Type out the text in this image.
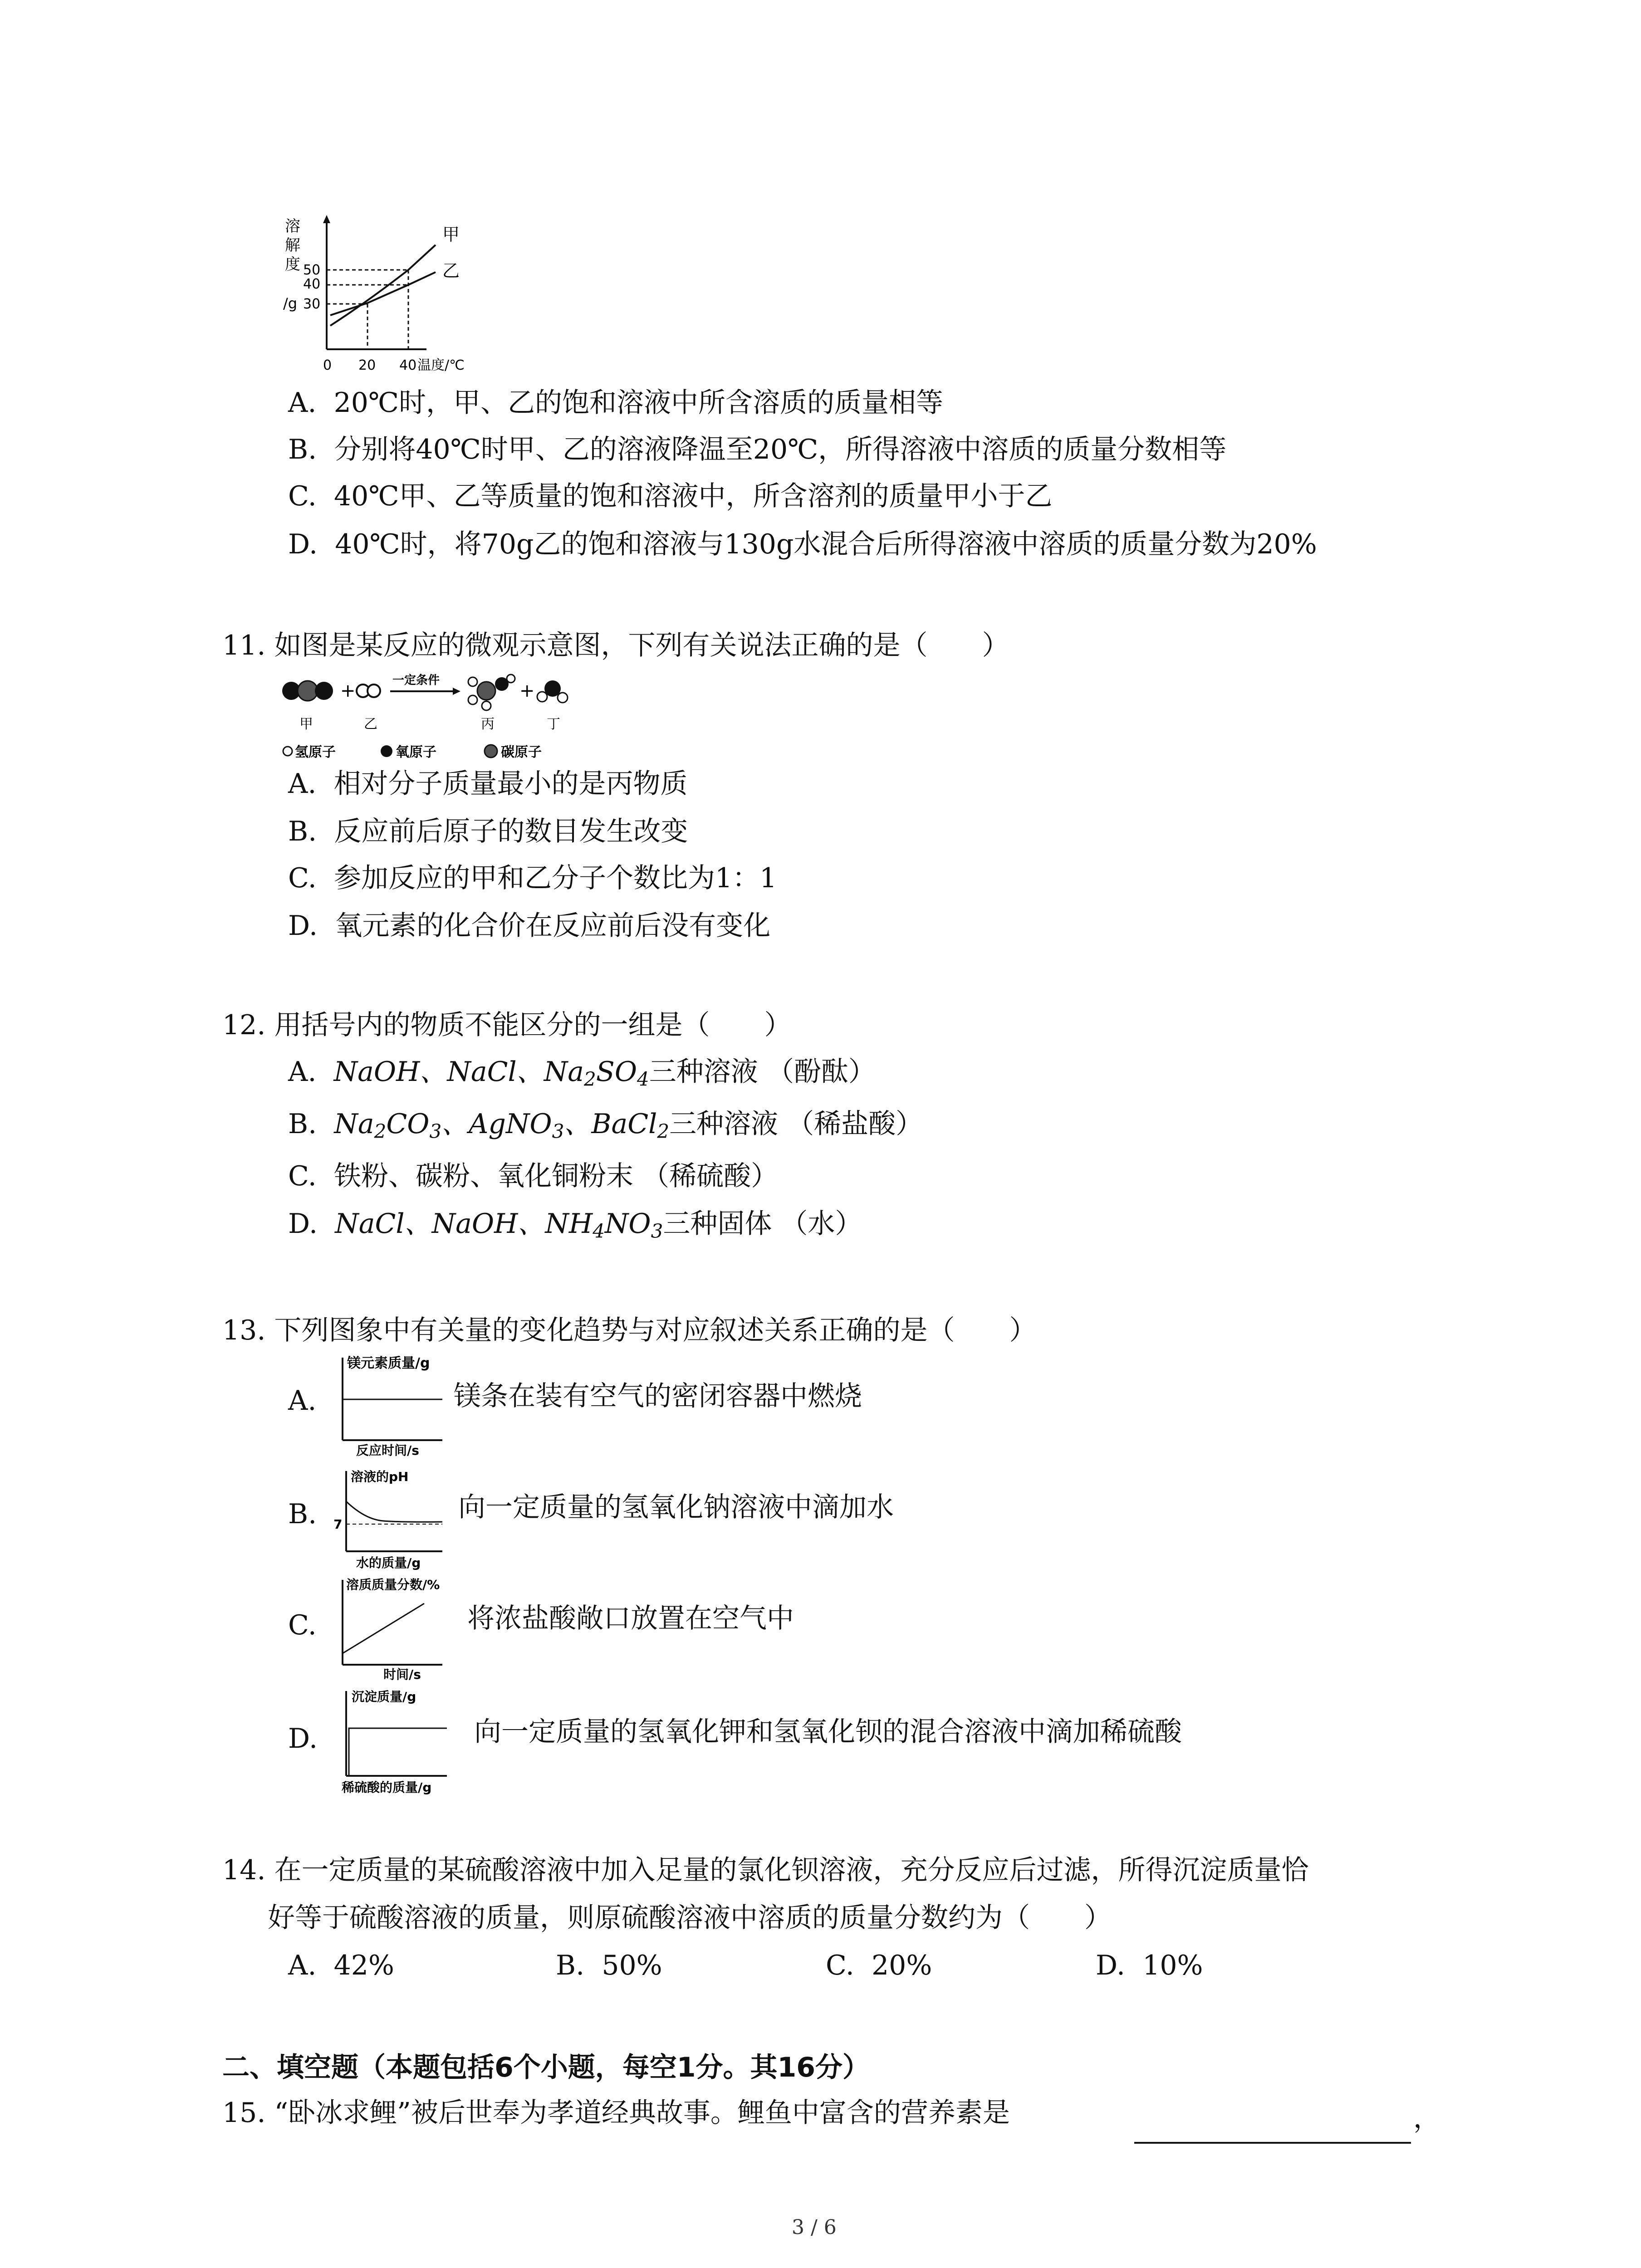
溶
解
度
/g
50
40
30
甲
乙
0 20 40 温度/℃
A. 20℃时，甲、乙的饱和溶液中所含溶质的质量相等
B. 分别将40℃时甲、乙的溶液降温至20℃，所得溶液中溶质的质量分数相等
C. 40℃甲、乙等质量的饱和溶液中，所含溶剂的质量甲小于乙
D. 40℃时，将70g乙的饱和溶液与130g水混合后所得溶液中溶质的质量分数为20%
11. 如图是某反应的微观示意图，下列有关说法正确的是（　　）
+	一定条件	+
甲	乙	丙	丁
氢原子	氧原子	碳原子
A. 相对分子质量最小的是丙物质
B. 反应前后原子的数目发生改变
C. 参加反应的甲和乙分子个数比为1：1
D. 氧元素的化合价在反应前后没有变化
12. 用括号内的物质不能区分的一组是（　　）
A. NaOH、NaCl、$Na_2SO_4$三种溶液 （酚酞）
B. $Na_2CO_3$、AgNO$_3$、BaCl$_2$三种溶液 （稀盐酸）
C. 铁粉、碳粉、氧化铜粉末 （稀硫酸）
D. NaCl、NaOH、$NH_4NO_3$三种固体 （水）
13. 下列图象中有关量的变化趋势与对应叙述关系正确的是（　　）
A.
镁元素质量/g
反应时间/s
镁条在装有空气的密闭容器中燃烧
B. 7
溶液的pH
水的质量/g
向一定质量的氢氧化钠溶液中滴加水
C.
溶质质量分数/%
时间/s
将浓盐酸敞口放置在空气中
D.
沉淀质量/g
稀硫酸的质量/g
向一定质量的氢氧化钾和氢氧化钡的混合溶液中滴加稀硫酸
14. 在一定质量的某硫酸溶液中加入足量的氯化钡溶液，充分反应后过滤，所得沉淀质量恰
好等于硫酸溶液的质量，则原硫酸溶液中溶质的质量分数约为（　　）
A. 42%	B. 50%	C. 20%	D. 10%
二、填空题（本题包括6个小题，每空1分。其16分）
15. “卧冰求鲤”被后世奉为孝道经典故事。鲤鱼中富含的营养素是	，
3 / 6
